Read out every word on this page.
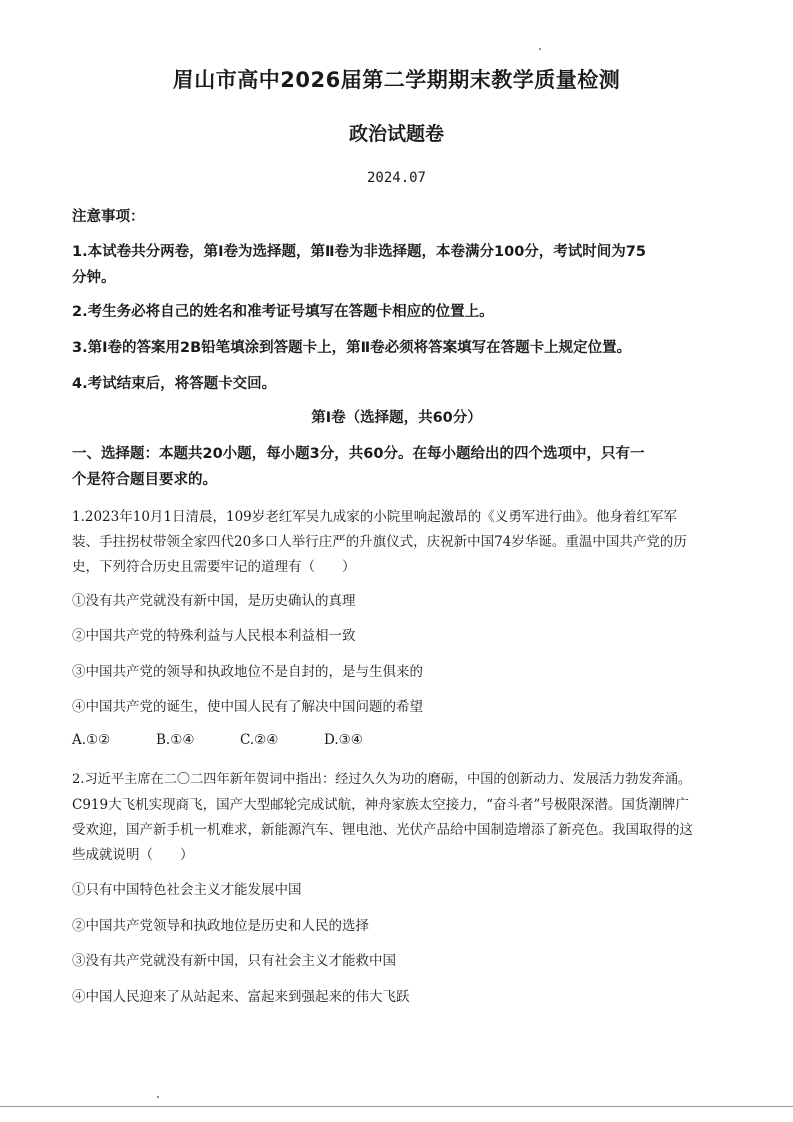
眉山市高中2026届第二学期期末教学质量检测
政治试题卷
2024.07
注意事项：
1.本试卷共分两卷，第Ⅰ卷为选择题，第Ⅱ卷为非选择题，本卷满分100分，考试时间为75
分钟。
2.考生务必将自己的姓名和准考证号填写在答题卡相应的位置上。
3.第Ⅰ卷的答案用2B铅笔填涂到答题卡上，第Ⅱ卷必须将答案填写在答题卡上规定位置。
4.考试结束后，将答题卡交回。
第Ⅰ卷（选择题，共60分）
一、选择题：本题共20小题，每小题3分，共60分。在每小题给出的四个选项中，只有一
个是符合题目要求的。
1.2023年10月1日清晨，109岁老红军吴九成家的小院里响起激昂的《义勇军进行曲》。他身着红军军
装、手拄拐杖带领全家四代20多口人举行庄严的升旗仪式，庆祝新中国74岁华诞。重温中国共产党的历
史，下列符合历史且需要牢记的道理有（　　）
①没有共产党就没有新中国，是历史确认的真理
②中国共产党的特殊利益与人民根本利益相一致
③中国共产党的领导和执政地位不是自封的，是与生俱来的
④中国共产党的诞生，使中国人民有了解决中国问题的希望
A.①②	B.①④	C.②④	D.③④
2.习近平主席在二〇二四年新年贺词中指出：经过久久为功的磨砺，中国的创新动力、发展活力勃发奔涌。
C919大飞机实现商飞，国产大型邮轮完成试航，神舟家族太空接力，“奋斗者”号极限深潜。国货潮牌广
受欢迎，国产新手机一机难求，新能源汽车、锂电池、光伏产品给中国制造增添了新亮色。我国取得的这
些成就说明（　　）
①只有中国特色社会主义才能发展中国
②中国共产党领导和执政地位是历史和人民的选择
③没有共产党就没有新中国，只有社会主义才能救中国
④中国人民迎来了从站起来、富起来到强起来的伟大飞跃
